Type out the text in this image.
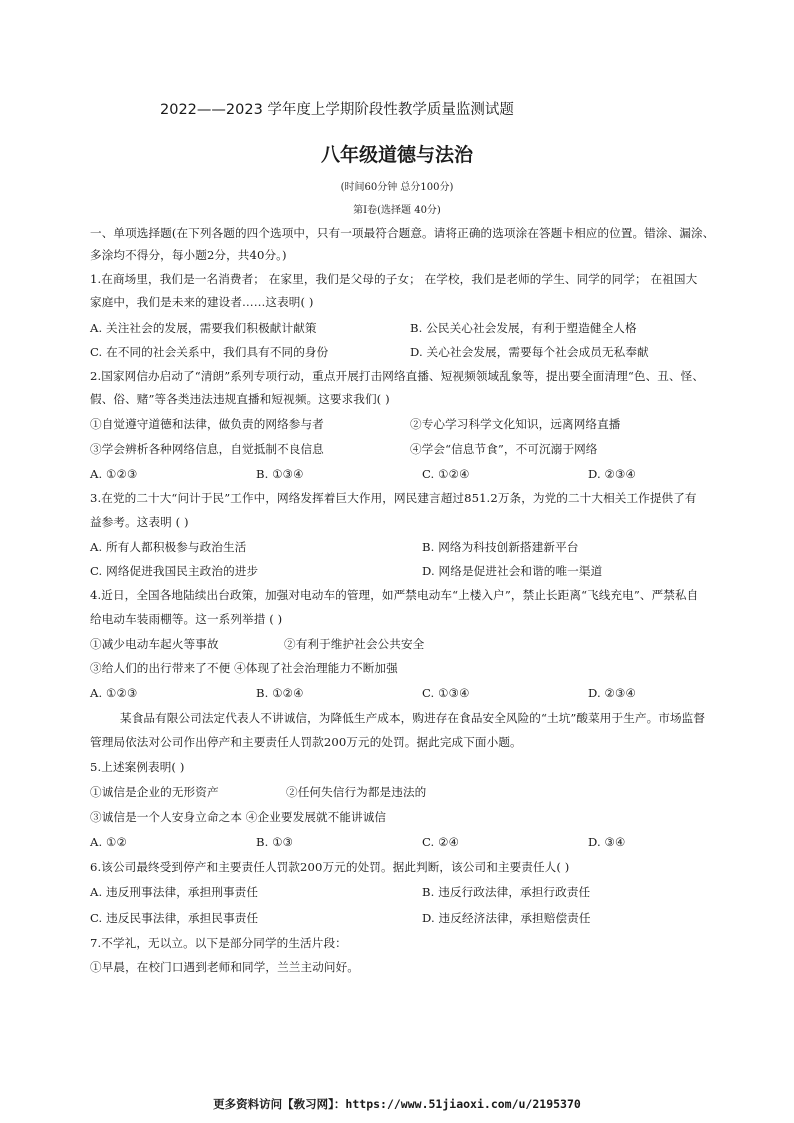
2022——2023 学年度上学期阶段性教学质量监测试题
八年级道德与法治
(时间60分钟 总分100分)
第I卷(选择题 40分)
一、单项选择题(在下列各题的四个选项中，只有一项最符合题意。请将正确的选项涂在答题卡相应的位置。错涂、漏涂、
多涂均不得分，每小题2分，共40分。)
1.在商场里，我们是一名消费者； 在家里，我们是父母的子女； 在学校，我们是老师的学生、同学的同学； 在祖国大
家庭中，我们是未来的建设者……这表明( )
A. 关注社会的发展，需要我们积极献计献策	B. 公民关心社会发展，有利于塑造健全人格
C. 在不同的社会关系中，我们具有不同的身份	D. 关心社会发展，需要每个社会成员无私奉献
2.国家网信办启动了“清朗”系列专项行动，重点开展打击网络直播、短视频领域乱象等，提出要全面清理“色、丑、怪、
假、俗、赌”等各类违法违规直播和短视频。这要求我们( )
①自觉遵守道德和法律，做负责的网络参与者	②专心学习科学文化知识，远离网络直播
③学会辨析各种网络信息，自觉抵制不良信息	④学会“信息节食”，不可沉溺于网络
A. ①②③	B. ①③④	C. ①②④	D. ②③④
3.在党的二十大“问计于民”工作中，网络发挥着巨大作用，网民建言超过851.2万条，为党的二十大相关工作提供了有
益参考。这表明 ( )
A. 所有人都积极参与政治生活	B. 网络为科技创新搭建新平台
C. 网络促进我国民主政治的进步	D. 网络是促进社会和谐的唯一渠道
4.近日，全国各地陆续出台政策，加强对电动车的管理，如严禁电动车“上楼入户”，禁止长距离“飞线充电”、严禁私自
给电动车装雨棚等。这一系列举措 ( )
①减少电动车起火等事故	②有利于维护社会公共安全
③给人们的出行带来了不便 ④体现了社会治理能力不断加强
A. ①②③	B. ①②④	C. ①③④	D. ②③④
某食品有限公司法定代表人不讲诚信，为降低生产成本，购进存在食品安全风险的“土坑”酸菜用于生产。市场监督
管理局依法对公司作出停产和主要责任人罚款200万元的处罚。据此完成下面小题。
5.上述案例表明( )
①诚信是企业的无形资产	②任何失信行为都是违法的
③诚信是一个人安身立命之本 ④企业要发展就不能讲诚信
A. ①②	B. ①③	C. ②④	D. ③④
6.该公司最终受到停产和主要责任人罚款200万元的处罚。据此判断，该公司和主要责任人( )
A. 违反刑事法律，承担刑事责任	B. 违反行政法律，承担行政责任
C. 违反民事法律，承担民事责任	D. 违反经济法律，承担赔偿责任
7.不学礼，无以立。以下是部分同学的生活片段：
①早晨，在校门口遇到老师和同学，兰兰主动问好。
更多资料访问【敎习网】：https://www.51jiaoxi.com/u/2195370
